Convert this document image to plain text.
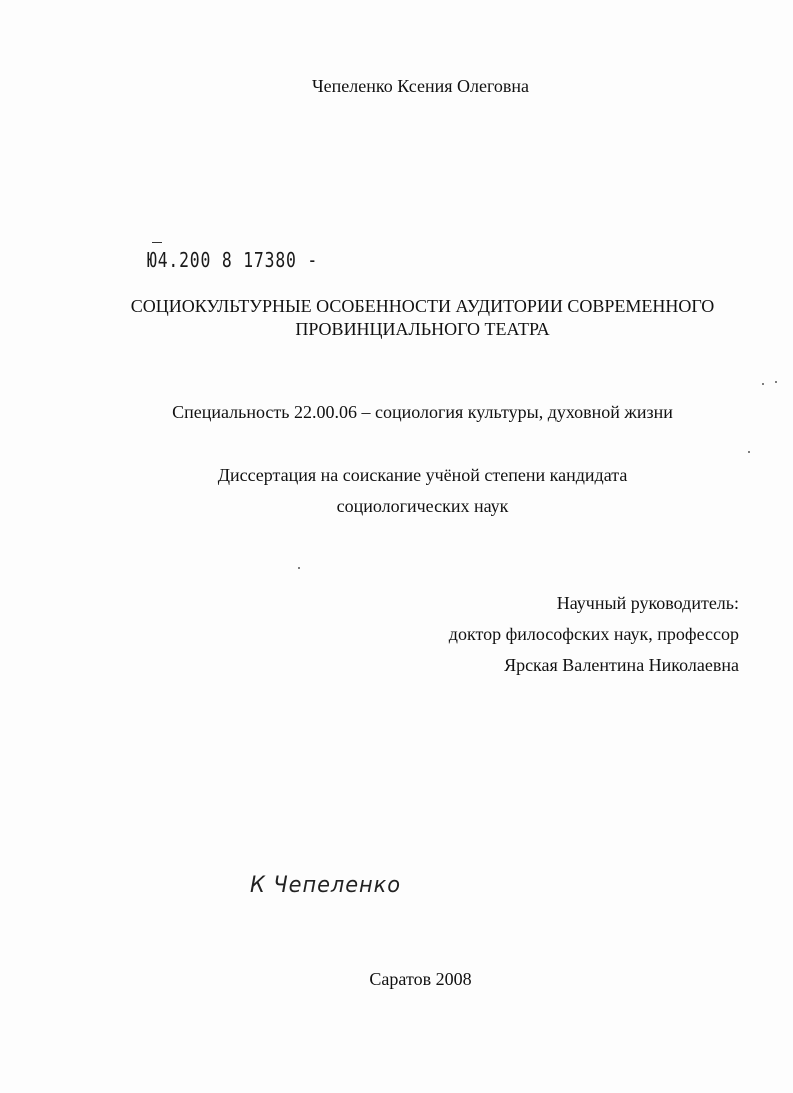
Чепеленко Ксения Олеговна
Ю4.200 8 17380 -
СОЦИОКУЛЬТУРНЫЕ ОСОБЕННОСТИ АУДИТОРИИ СОВРЕМЕННОГО
ПРОВИНЦИАЛЬНОГО ТЕАТРА
Специальность 22.00.06 – социология культуры, духовной жизни
Диссертация на соискание учёной степени кандидата
социологических наук
Научный руководитель:
доктор философских наук, профессор
Ярская Валентина Николаевна
К Чепеленко
Саратов 2008
